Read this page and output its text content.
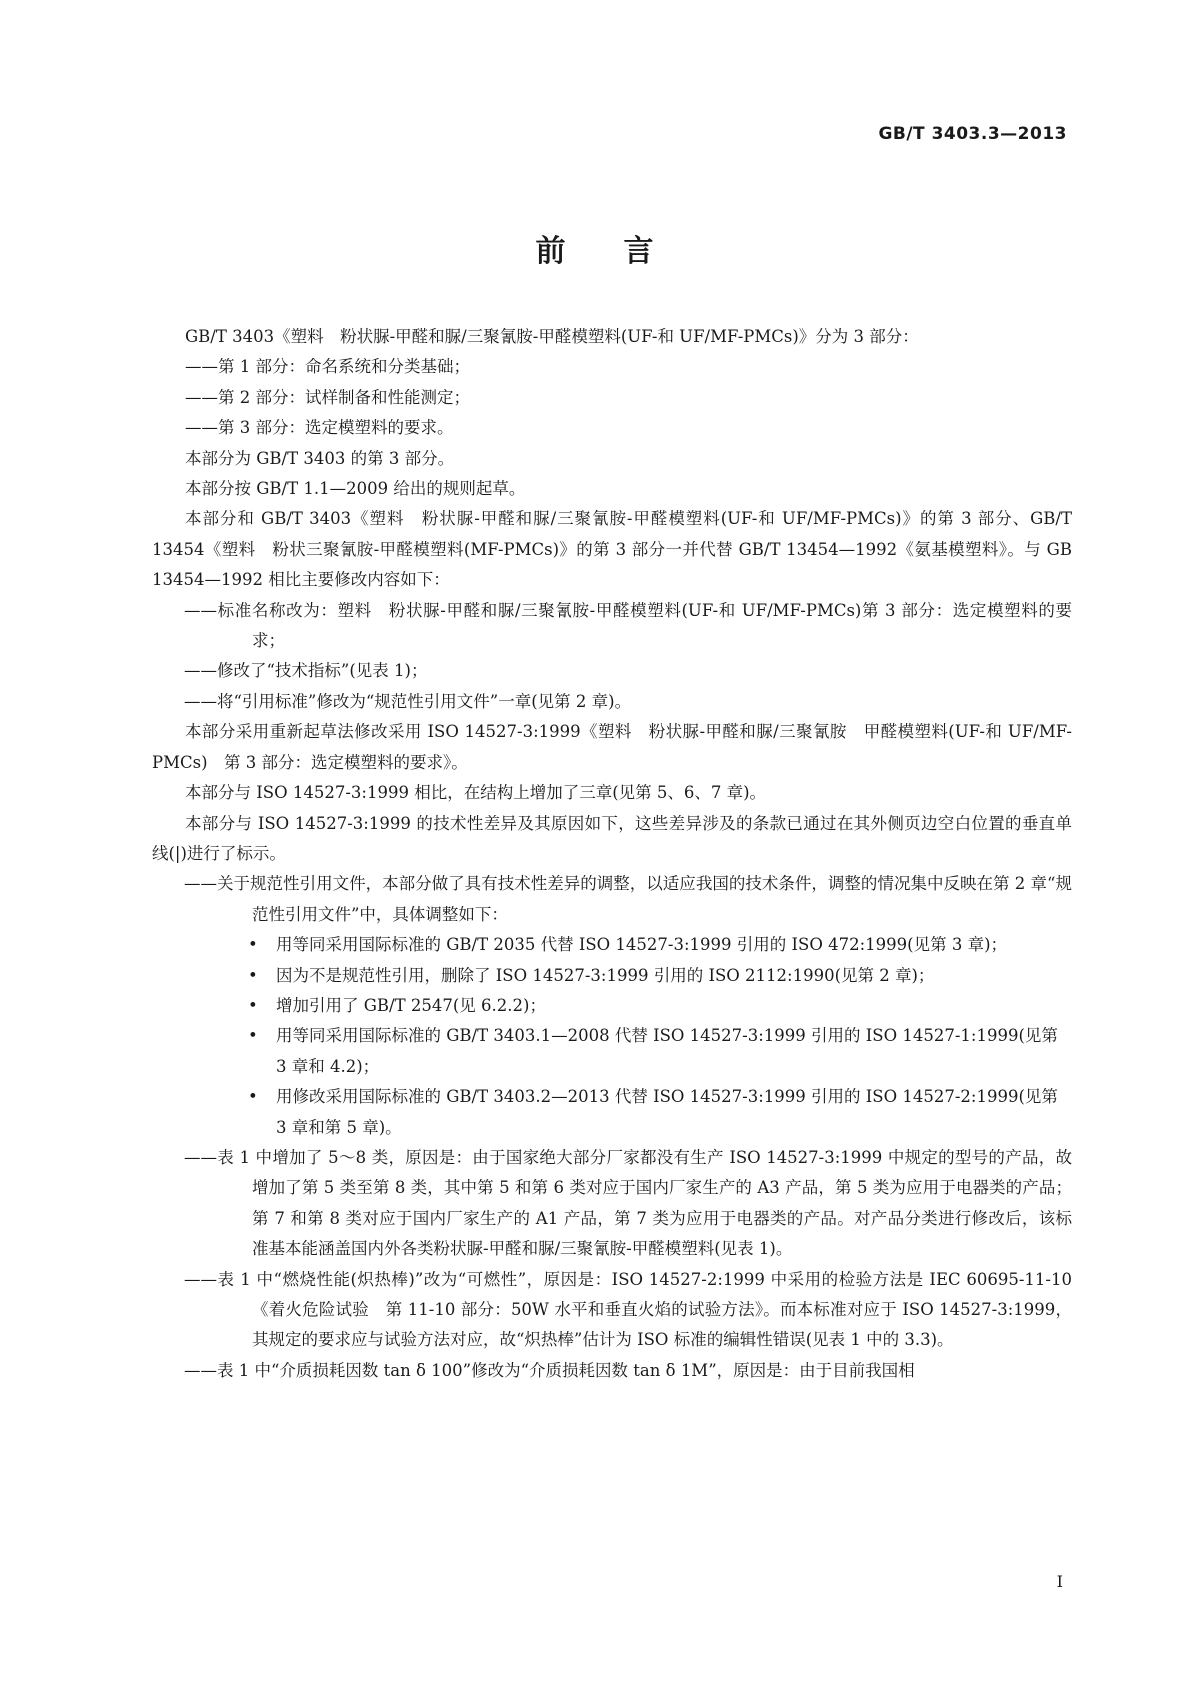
GB/T 3403.3—2013
前 言

GB/T 3403《塑料　粉状脲-甲醛和脲/三聚氰胺-甲醛模塑料(UF-和 UF/MF-PMCs)》分为 3 部分：

——第 1 部分：命名系统和分类基础；

——第 2 部分：试样制备和性能测定；

——第 3 部分：选定模塑料的要求。

本部分为 GB/T 3403 的第 3 部分。

本部分按 GB/T 1.1—2009 给出的规则起草。

本部分和 GB/T 3403《塑料　粉状脲-甲醛和脲/三聚氰胺-甲醛模塑料(UF-和 UF/MF-PMCs)》的第 3 部分、GB/T 13454《塑料　粉状三聚氰胺-甲醛模塑料(MF-PMCs)》的第 3 部分一并代替 GB/T 13454—1992《氨基模塑料》。与 GB 13454—1992 相比主要修改内容如下：

——标准名称改为：塑料　粉状脲-甲醛和脲/三聚氰胺-甲醛模塑料(UF-和 UF/MF-PMCs)第 3 部分：选定模塑料的要求；

——修改了“技术指标”(见表 1)；

——将“引用标准”修改为“规范性引用文件”一章(见第 2 章)。

本部分采用重新起草法修改采用 ISO 14527-3:1999《塑料　粉状脲-甲醛和脲/三聚氰胺　甲醛模塑料(UF-和 UF/MF-PMCs)　第 3 部分：选定模塑料的要求》。

本部分与 ISO 14527-3:1999 相比，在结构上增加了三章(见第 5、6、7 章)。

本部分与 ISO 14527-3:1999 的技术性差异及其原因如下，这些差异涉及的条款已通过在其外侧页边空白位置的垂直单线(|)进行了标示。

——关于规范性引用文件，本部分做了具有技术性差异的调整，以适应我国的技术条件，调整的情况集中反映在第 2 章“规范性引用文件”中，具体调整如下：

• 用等同采用国际标准的 GB/T 2035 代替 ISO 14527-3:1999 引用的 ISO 472:1999(见第 3 章)；

• 因为不是规范性引用，删除了 ISO 14527-3:1999 引用的 ISO 2112:1990(见第 2 章)；

• 增加引用了 GB/T 2547(见 6.2.2)；

• 用等同采用国际标准的 GB/T 3403.1—2008 代替 ISO 14527-3:1999 引用的 ISO 14527-1:1999(见第 3 章和 4.2)；

• 用修改采用国际标准的 GB/T 3403.2—2013 代替 ISO 14527-3:1999 引用的 ISO 14527-2:1999(见第 3 章和第 5 章)。

——表 1 中增加了 5～8 类，原因是：由于国家绝大部分厂家都没有生产 ISO 14527-3:1999 中规定的型号的产品，故增加了第 5 类至第 8 类，其中第 5 和第 6 类对应于国内厂家生产的 A3 产品，第 5 类为应用于电器类的产品；第 7 和第 8 类对应于国内厂家生产的 A1 产品，第 7 类为应用于电器类的产品。对产品分类进行修改后，该标准基本能涵盖国内外各类粉状脲-甲醛和脲/三聚氰胺-甲醛模塑料(见表 1)。

——表 1 中“燃烧性能(炽热棒)”改为“可燃性”，原因是：ISO 14527-2:1999 中采用的检验方法是 IEC 60695-11-10《着火危险试验　第 11-10 部分：50W 水平和垂直火焰的试验方法》。而本标准对应于 ISO 14527-3:1999，其规定的要求应与试验方法对应，故“炽热棒”估计为 ISO 标准的编辑性错误(见表 1 中的 3.3)。

——表 1 中“介质损耗因数 tan δ 100”修改为“介质损耗因数 tan δ 1M”，原因是：由于目前我国相

I
